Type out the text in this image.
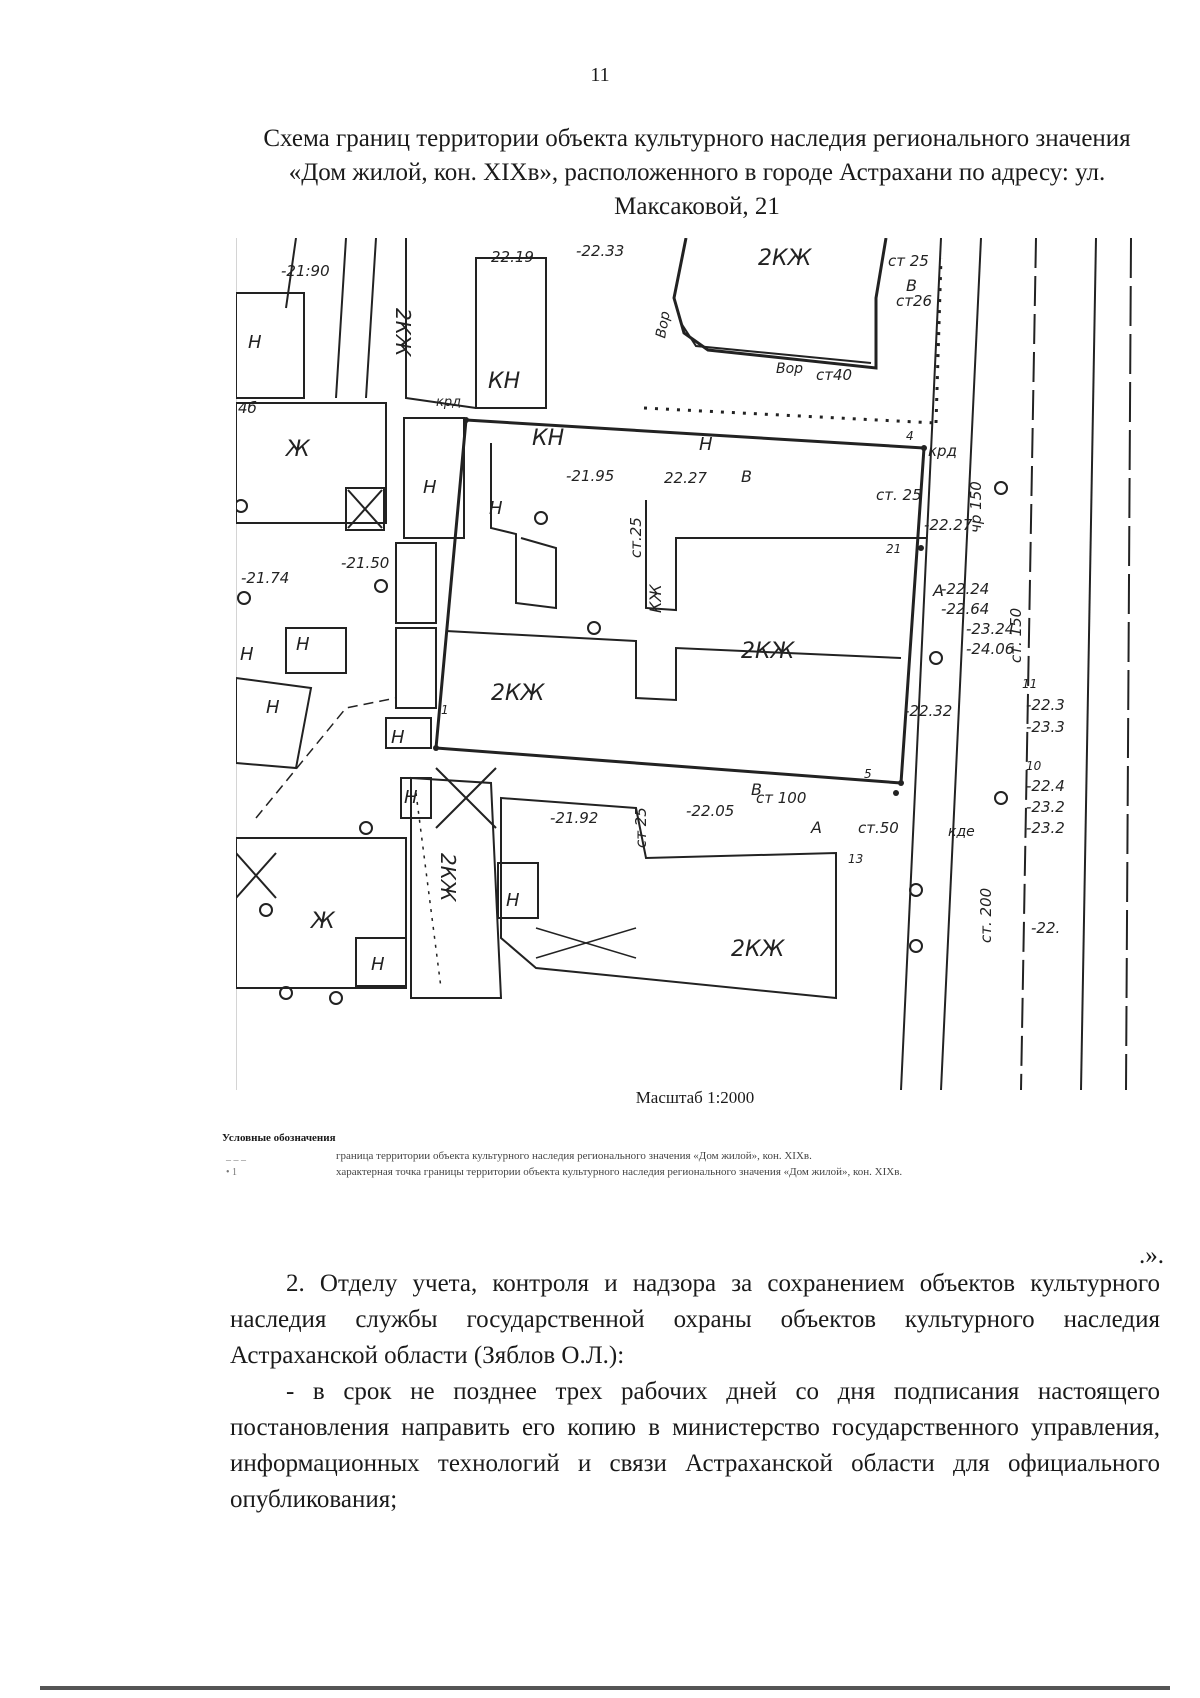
11
Схема границ территории объекта культурного наследия регионального значения «Дом жилой, кон. XIXв», расположенного в городе Астрахани по адресу: ул. Максаковой, 21
2КЖ
2КЖ
2КЖ
2КЖ
2КЖ
2КЖ
КН
КН
Ж
Ж
КЖ
Н
Н
Н
Н
Н Н
Н
Н
Н
Н
Н
-21:90
22.19	-22.33
-21.95	22.27
-21.50
-21.74
-22.27
-22.24
-22.64
-23.24
-24.06
-22.32
-21.92	-22.05
-22.3
-23.3
-22.4
-23.2
-23.2
-22.
ст 25
ст.25
ст. 25
ст 25
ст26
ст40
ст.50
ст 100
ст. 150
ст. 200
чр 150
Вор
Вор
крд
крд
кде
В
В
В
А
А
4б
21
4
5
13
1
11
10
Масштаб 1:2000
Условные обозначения
_ _ _	граница территории объекта культурного наследия регионального значения «Дом жилой», кон. XIXв.
• 1	характерная точка границы территории объекта культурного наследия регионального значения «Дом жилой», кон. XIXв.
.».

2. Отделу учета, контроля и надзора за сохранением объектов культурного наследия службы государственной охраны объектов культурного наследия Астраханской области (Зяблов О.Л.):

- в срок не позднее трех рабочих дней со дня подписания настоящего постановления направить его копию в министерство государственного управления, информационных технологий и связи Астраханской области для официального опубликования;
